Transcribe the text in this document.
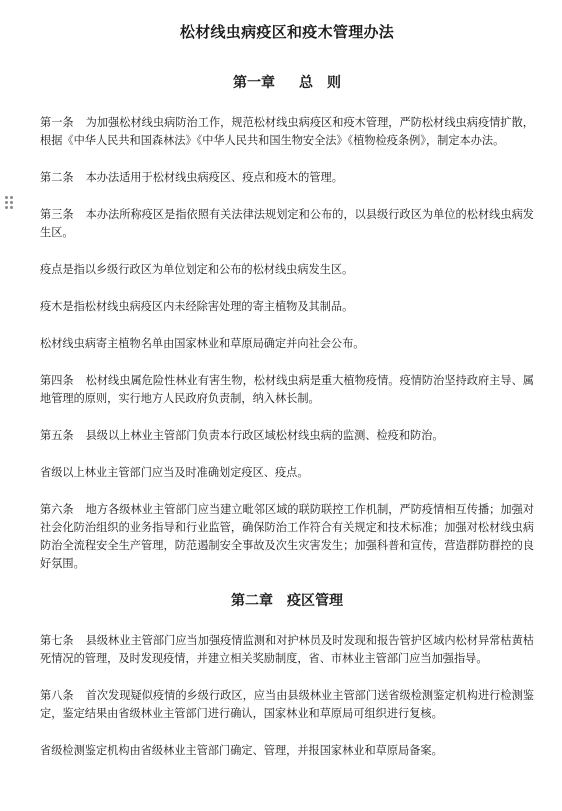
松材线虫病疫区和疫木管理办法
第一章 总　则

第一条 为加强松材线虫病防治工作，规范松材线虫病疫区和疫木管理，严防松材线虫病疫情扩散，根据《中华人民共和国森林法》《中华人民共和国生物安全法》《植物检疫条例》，制定本办法。

第二条 本办法适用于松材线虫病疫区、疫点和疫木的管理。

第三条 本办法所称疫区是指依照有关法律法规划定和公布的，以县级行政区为单位的松材线虫病发生区。

疫点是指以乡级行政区为单位划定和公布的松材线虫病发生区。

疫木是指松材线虫病疫区内未经除害处理的寄主植物及其制品。

松材线虫病寄主植物名单由国家林业和草原局确定并向社会公布。

第四条 松材线虫属危险性林业有害生物，松材线虫病是重大植物疫情。疫情防治坚持政府主导、属地管理的原则，实行地方人民政府负责制，纳入林长制。

第五条 县级以上林业主管部门负责本行政区域松材线虫病的监测、检疫和防治。

省级以上林业主管部门应当及时准确划定疫区、疫点。

第六条 地方各级林业主管部门应当建立毗邻区域的联防联控工作机制，严防疫情相互传播；加强对社会化防治组织的业务指导和行业监管，确保防治工作符合有关规定和技术标准；加强对松材线虫病防治全流程安全生产管理，防范遏制安全事故及次生灾害发生；加强科普和宣传，营造群防群控的良好氛围。

第二章 疫区管理

第七条 县级林业主管部门应当加强疫情监测和对护林员及时发现和报告管护区域内松材异常枯黄枯死情况的管理，及时发现疫情，并建立相关奖励制度，省、市林业主管部门应当加强指导。

第八条 首次发现疑似疫情的乡级行政区，应当由县级林业主管部门送省级检测鉴定机构进行检测鉴定，鉴定结果由省级林业主管部门进行确认，国家林业和草原局可组织进行复核。

省级检测鉴定机构由省级林业主管部门确定、管理，并报国家林业和草原局备案。
